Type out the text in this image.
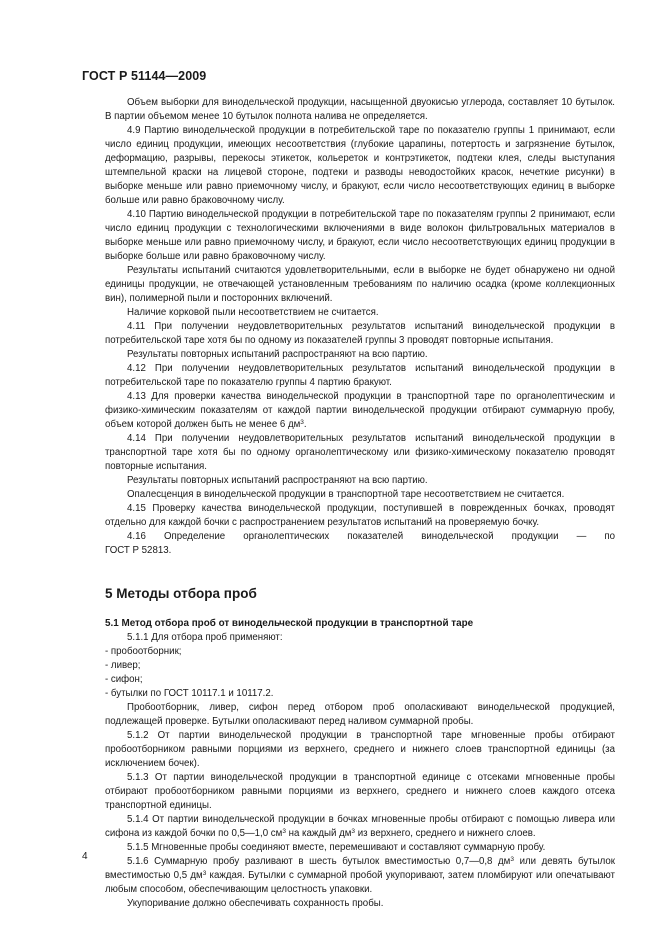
ГОСТ Р 51144—2009

Объем выборки для винодельческой продукции, насыщенной двуокисью углерода, составляет 10 бутылок. В партии объемом менее 10 бутылок полнота налива не определяется.

4.9 Партию винодельческой продукции в потребительской таре по показателю группы 1 принимают, если число единиц продукции, имеющих несоответствия (глубокие царапины, потертость и загрязнение бутылок, деформацию, разрывы, перекосы этикеток, кольереток и контрэтикеток, подтеки клея, следы выступания штемпельной краски на лицевой стороне, подтеки и разводы неводостойких красок, нечеткие рисунки) в выборке меньше или равно приемочному числу, и бракуют, если число несоответствующих единиц в выборке больше или равно браковочному числу.

4.10 Партию винодельческой продукции в потребительской таре по показателям группы 2 принимают, если число единиц продукции с технологическими включениями в виде волокон фильтровальных материалов в выборке меньше или равно приемочному числу, и бракуют, если число несоответствующих единиц продукции в выборке больше или равно браковочному числу.

Результаты испытаний считаются удовлетворительными, если в выборке не будет обнаружено ни одной единицы продукции, не отвечающей установленным требованиям по наличию осадка (кроме коллекционных вин), полимерной пыли и посторонних включений.

Наличие корковой пыли несоответствием не считается.

4.11 При получении неудовлетворительных результатов испытаний винодельческой продукции в потребительской таре хотя бы по одному из показателей группы 3 проводят повторные испытания.

Результаты повторных испытаний распространяют на всю партию.

4.12 При получении неудовлетворительных результатов испытаний винодельческой продукции в потребительской таре по показателю группы 4 партию бракуют.

4.13 Для проверки качества винодельческой продукции в транспортной таре по органолептическим и физико-химическим показателям от каждой партии винодельческой продукции отбирают суммарную пробу, объем которой должен быть не менее 6 $дм^3$.

4.14 При получении неудовлетворительных результатов испытаний винодельческой продукции в транспортной таре хотя бы по одному органолептическому или физико-химическому показателю проводят повторные испытания.

Результаты повторных испытаний распространяют на всю партию.

Опалесценция в винодельческой продукции в транспортной таре несоответствием не считается.

4.15 Проверку качества винодельческой продукции, поступившей в поврежденных бочках, проводят отдельно для каждой бочки с распространением результатов испытаний на проверяемую бочку.

4.16 Определение органолептических показателей винодельческой продукции — по

ГОСТ Р 52813.

5 Методы отбора проб

5.1 Метод отбора проб от винодельческой продукции в транспортной таре

5.1.1 Для отбора проб применяют:

- пробоотборник;

- ливер;

- сифон;

- бутылки по ГОСТ 10117.1 и 10117.2.

Пробоотборник, ливер, сифон перед отбором проб ополаскивают винодельческой продукцией, подлежащей проверке. Бутылки ополаскивают перед наливом суммарной пробы.

5.1.2 От партии винодельческой продукции в транспортной таре мгновенные пробы отбирают пробоотборником равными порциями из верхнего, среднего и нижнего слоев транспортной единицы (за исключением бочек).

5.1.3 От партии винодельческой продукции в транспортной единице с отсеками мгновенные пробы отбирают пробоотборником равными порциями из верхнего, среднего и нижнего слоев каждого отсека транспортной единицы.

5.1.4 От партии винодельческой продукции в бочках мгновенные пробы отбирают с помощью ливера или сифона из каждой бочки по 0,5—1,0 $см^3$ на каждый $дм^3$ из верхнего, среднего и нижнего слоев.

5.1.5 Мгновенные пробы соединяют вместе, перемешивают и составляют суммарную пробу.

5.1.6 Суммарную пробу разливают в шесть бутылок вместимостью 0,7—0,8 $дм^3$ или девять бутылок вместимостью 0,5 $дм^3$ каждая. Бутылки с суммарной пробой укупоривают, затем пломбируют или опечатывают любым способом, обеспечивающим целостность упаковки.

Укупоривание должно обеспечивать сохранность пробы.

4
